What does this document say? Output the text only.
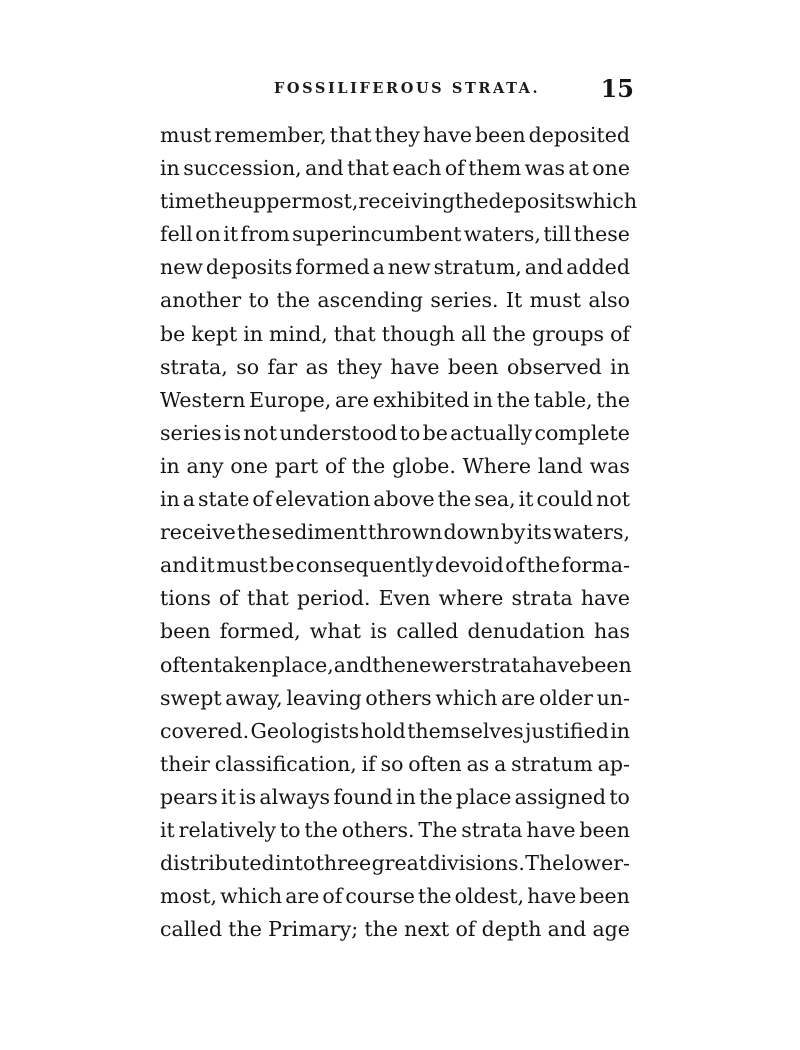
FOSSILIFEROUS STRATA.	15
must remember, that they have been deposited
in succession, and that each of them was at one
time the uppermost, receiving the deposits which
fell on it from superincumbent waters, till these
new deposits formed a new stratum, and added
another to the ascending series. It must also
be kept in mind, that though all the groups of
strata, so far as they have been observed in
Western Europe, are exhibited in the table, the
series is not understood to be actually complete
in any one part of the globe. Where land was
in a state of elevation above the sea, it could not
receive the sediment thrown down by its waters,
and it must be consequently devoid of the forma-
tions of that period. Even where strata have
been formed, what is called denudation has
often taken place, and the newer strata have been
swept away, leaving others which are older un-
covered. Geologists hold themselves justified in
their classification, if so often as a stratum ap-
pears it is always found in the place assigned to
it relatively to the others. The strata have been
distributed into three great divisions. The lower-
most, which are of course the oldest, have been
called the Primary; the next of depth and age
